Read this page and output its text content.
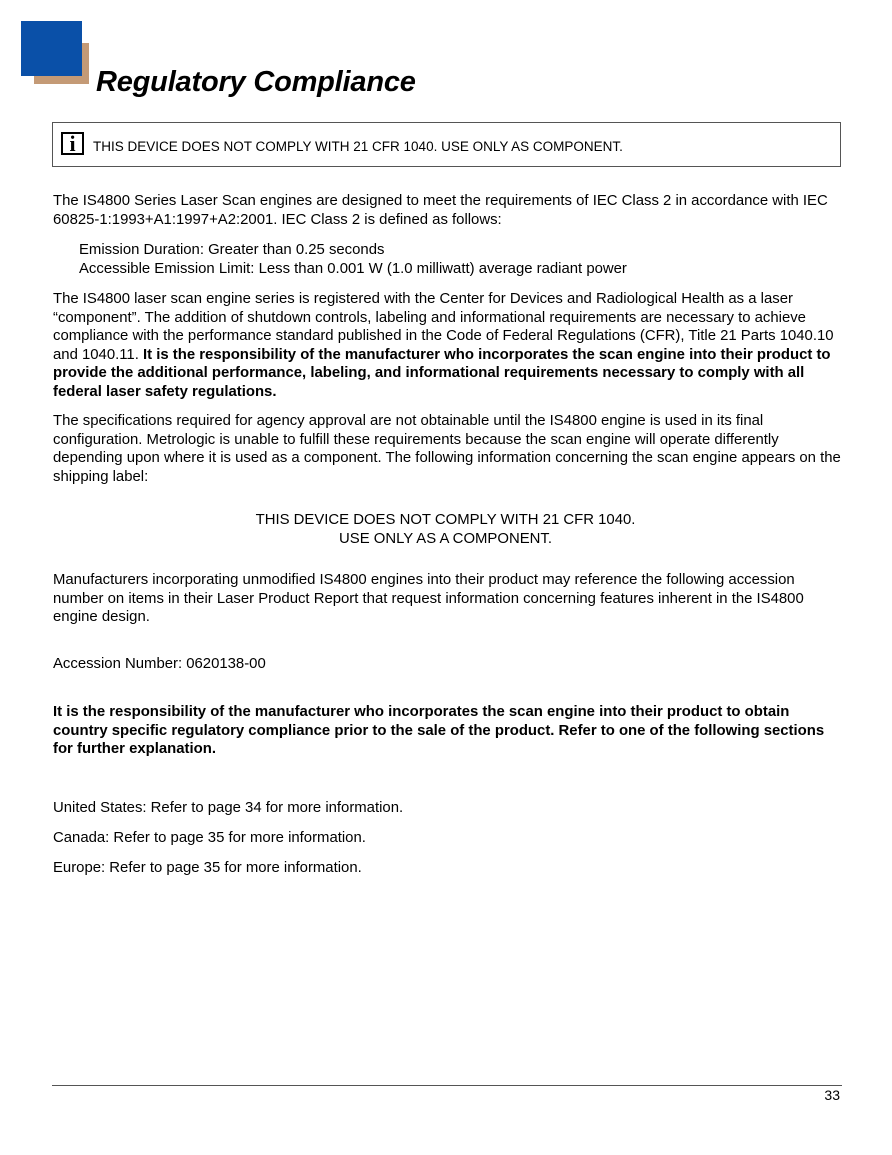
Regulatory Compliance
i	THIS DEVICE DOES NOT COMPLY WITH 21 CFR 1040. USE ONLY AS COMPONENT.

The IS4800 Series Laser Scan engines are designed to meet the requirements of IEC Class 2 in accordance with IEC 60825-1:1993+A1:1997+A2:2001. IEC Class 2 is defined as follows:

Emission Duration: Greater than 0.25 seconds

Accessible Emission Limit: Less than 0.001 W (1.0 milliwatt) average radiant power

The IS4800 laser scan engine series is registered with the Center for Devices and Radiological Health as a laser “component”. The addition of shutdown controls, labeling and informational requirements are necessary to achieve compliance with the performance standard published in the Code of Federal Regulations (CFR), Title 21 Parts 1040.10 and 1040.11. It is the responsibility of the manufacturer who incorporates the scan engine into their product to provide the additional performance, labeling, and informational requirements necessary to comply with all federal laser safety regulations.

The specifications required for agency approval are not obtainable until the IS4800 engine is used in its final configuration. Metrologic is unable to fulfill these requirements because the scan engine will operate differently depending upon where it is used as a component. The following information concerning the scan engine appears on the shipping label:

THIS DEVICE DOES NOT COMPLY WITH 21 CFR 1040.

USE ONLY AS A COMPONENT.

Manufacturers incorporating unmodified IS4800 engines into their product may reference the following accession number on items in their Laser Product Report that request information concerning features inherent in the IS4800 engine design.

Accession Number: 0620138-00

It is the responsibility of the manufacturer who incorporates the scan engine into their product to obtain country specific regulatory compliance prior to the sale of the product. Refer to one of the following sections for further explanation.

United States: Refer to page 34 for more information.

Canada: Refer to page 35 for more information.

Europe: Refer to page 35 for more information.

33
